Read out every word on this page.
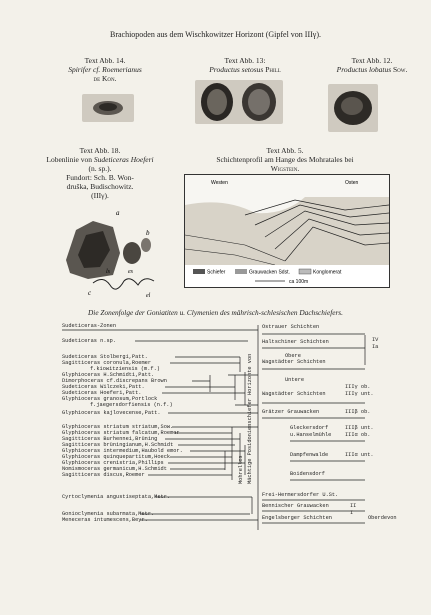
Brachiopoden aus dem Wischkowitzer Horizont (Gipfel von IIIγ).
Text Abb. 14.
Spirifer cf. Roemerianus
de Kon.
Text Abb. 13:
Productus setosus Phill
Text Abb. 12.
Productus lobatus Sow.
Text Abb. 18.
Lobenlinie von Sudeticeras Hoeferi
(n. sp.).
Fundort: Sch. B. Won-
druška, Budischowitz.
(IIIγ).
a
b
c
ls	es
el
Text Abb. 5.
Schichtenprofil am Hange des Mohratales bei
Wigstein.
Westen	Osten
Schiefer	Grauwacken Sdst.	Konglomerat
ca 100m
Die Zonenfolge der Goniatiten u. Clymenien des mährisch-schlesischen Dachschiefers.
Sudeticeras-Zonen
Sudeticeras n.sp.
Sudeticeras Stolbergi,Patt.
Sagitticeras coronula,Roemer
f.kiowitziensis (m.f.)
Glyphioceras H.Schmidti,Patt.
Dimorphoceras cf.discrepans Brown
Sudeticeras Wilczeki,Patt.
Sudeticeras Hoeferi,Patt.
Glyphioceras granosum,Portlock
f.jaegersdorfiensis (n.f.)
Glyphioceras kajlovecense,Patt.
Glyphioceras striatum striatum,Sow.
Glyphioceras striatum falcatum,Roemer
Sagitticeras Burhennei,Brüning
Sagitticeras brüningianum,H.Schmidt
Glyphioceras intermedium,Haubold emor.
Glyphioceras quinquepartitum,Hoeck
Glyphioceras crenistria,Phillips
Nomismoceras germanicum,H.Schmidt
Sagitticeras discus,Roemer
Cyrtoclymenia angustiseptata,Mstr.
Gonioclymenia subarmata,Mstr.
Meneceras intumescens,Beyr.
Ostrauer Schichten
Haltschiner Schichten
Obere
Wagstädter Schichten
Untere
Wagstädter Schichten
Grätzer Grauwacken
Gleckersdorf
u.Hanselmühle
Dampfenwalde
Boidensdorf
Frei-Hermersdorfer U.St.
Bennischer Grauwacken
Engelsberger Schichten	Oberdevon
IV
Ia
IIIγ ob.
IIIγ unt.
IIIβ ob.
IIIβ unt.
IIIα ob.
IIIα unt.
II
I
Mächtige Posidonienschiefer Horizonte von
Mohrelles
